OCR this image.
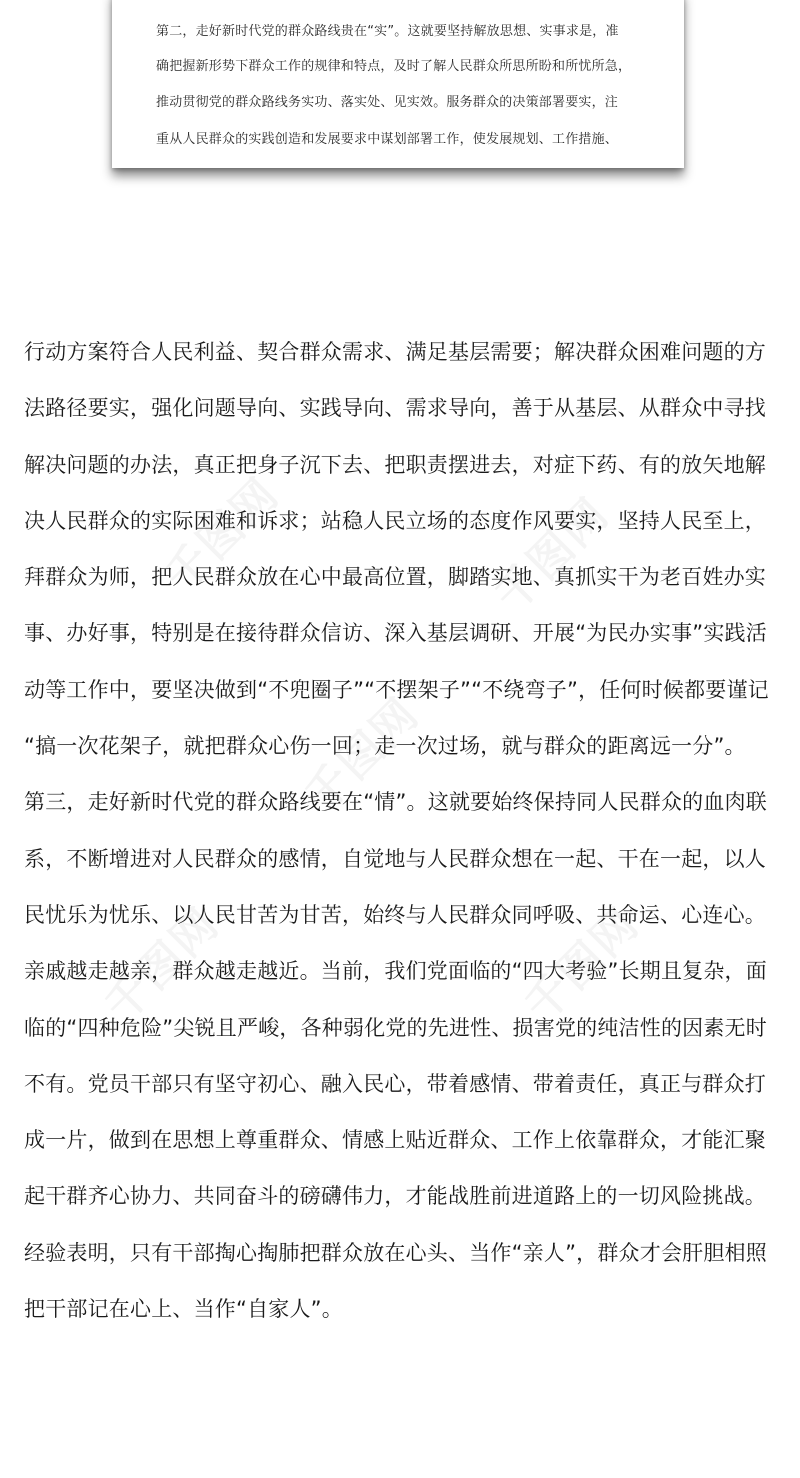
第二，走好新时代党的群众路线贵在“实”。这就要坚持解放思想、实事求是，准
确把握新形势下群众工作的规律和特点，及时了解人民群众所思所盼和所忧所急，
推动贯彻党的群众路线务实功、落实处、见实效。服务群众的决策部署要实，注
重从人民群众的实践创造和发展要求中谋划部署工作，使发展规划、工作措施、
行动方案符合人民利益、契合群众需求、满足基层需要；解决群众困难问题的方
法路径要实，强化问题导向、实践导向、需求导向，善于从基层、从群众中寻找
解决问题的办法，真正把身子沉下去、把职责摆进去，对症下药、有的放矢地解
决人民群众的实际困难和诉求；站稳人民立场的态度作风要实，坚持人民至上，
拜群众为师，把人民群众放在心中最高位置，脚踏实地、真抓实干为老百姓办实
事、办好事，特别是在接待群众信访、深入基层调研、开展“为民办实事”实践活
动等工作中，要坚决做到“不兜圈子”“不摆架子”“不绕弯子”，任何时候都要谨记
“搞一次花架子，就把群众心伤一回；走一次过场，就与群众的距离远一分”。
第三，走好新时代党的群众路线要在“情”。这就要始终保持同人民群众的血肉联
系，不断增进对人民群众的感情，自觉地与人民群众想在一起、干在一起，以人
民忧乐为忧乐、以人民甘苦为甘苦，始终与人民群众同呼吸、共命运、心连心。
亲戚越走越亲，群众越走越近。当前，我们党面临的“四大考验”长期且复杂，面
临的“四种危险”尖锐且严峻，各种弱化党的先进性、损害党的纯洁性的因素无时
不有。党员干部只有坚守初心、融入民心，带着感情、带着责任，真正与群众打
成一片，做到在思想上尊重群众、情感上贴近群众、工作上依靠群众，才能汇聚
起干群齐心协力、共同奋斗的磅礴伟力，才能战胜前进道路上的一切风险挑战。
经验表明，只有干部掏心掏肺把群众放在心头、当作“亲人”，群众才会肝胆相照
把干部记在心上、当作“自家人”。
